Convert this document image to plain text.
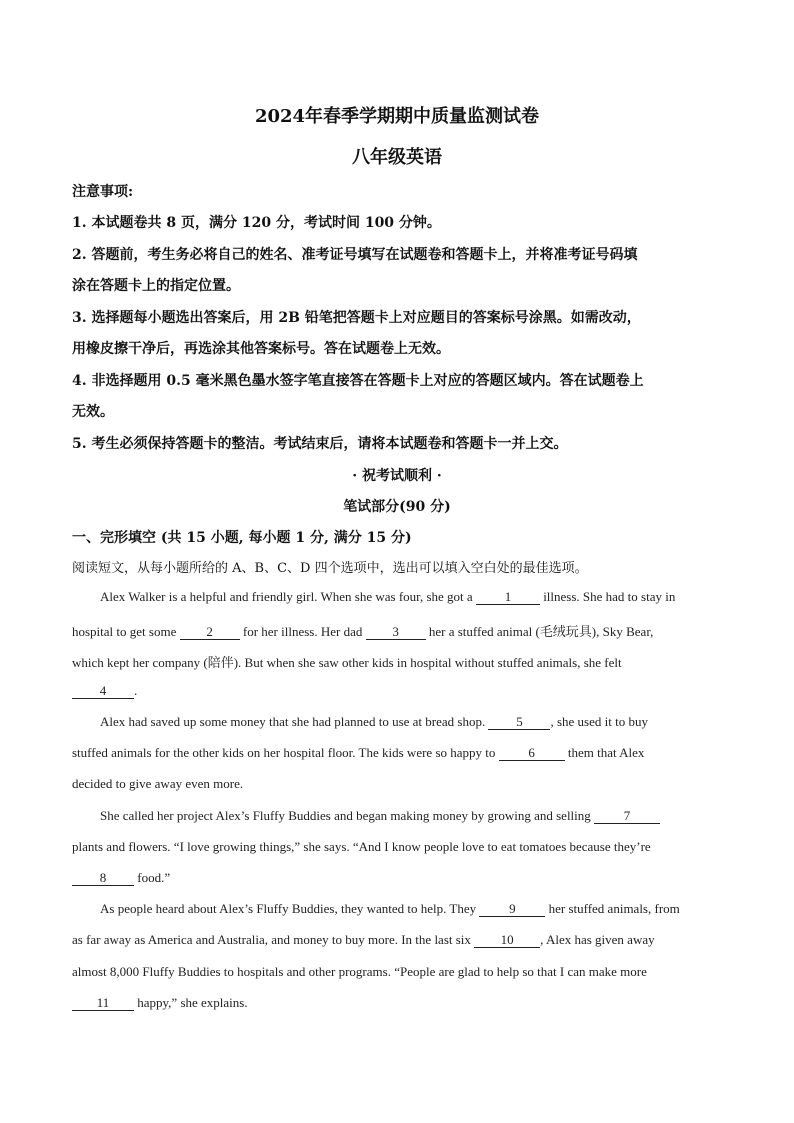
2024年春季学期期中质量监测试卷
八年级英语
注意事项:
1. 本试题卷共 8 页，满分 120 分，考试时间 100 分钟。
2. 答题前，考生务必将自己的姓名、准考证号填写在试题卷和答题卡上，并将准考证号码填
涂在答题卡上的指定位置。
3. 选择题每小题选出答案后，用 2B 铅笔把答题卡上对应题目的答案标号涂黑。如需改动，
用橡皮擦干净后，再选涂其他答案标号。答在试题卷上无效。
4. 非选择题用 0.5 毫米黑色墨水签字笔直接答在答题卡上对应的答题区域内。答在试题卷上
无效。
5. 考生必须保持答题卡的整洁。考试结束后，请将本试题卷和答题卡一并上交。
· 祝考试顺利 ·
笔试部分(90 分)
一、完形填空 (共 15 小题, 每小题 1 分, 满分 15 分)
阅读短文，从每小题所给的 A、B、C、D 四个选项中，选出可以填入空白处的最佳选项。
Alex Walker is a helpful and friendly girl. When she was four, she got a 1 illness. She had to stay in
hospital to get some 2 for her illness. Her dad 3 her a stuffed animal (毛绒玩具), Sky Bear,
which kept her company (陪伴). But when she saw other kids in hospital without stuffed animals, she felt
4 .
Alex had saved up some money that she had planned to use at bread shop. 5 , she used it to buy
stuffed animals for the other kids on her hospital floor. The kids were so happy to	6	them that Alex
decided to give away even more.
She called her project Alex’s Fluffy Buddies and began making money by growing and selling	7
plants and flowers. “I love growing things,” she says. “And I know people love to eat tomatoes because they’re
8 food.”
As people heard about Alex’s Fluffy Buddies, they wanted to help. They	9	her stuffed animals, from
as far away as America and Australia, and money to buy more. In the last six 10 , Alex has given away
almost 8,000 Fluffy Buddies to hospitals and other programs. “People are glad to help so that I can make more
11 happy,” she explains.
